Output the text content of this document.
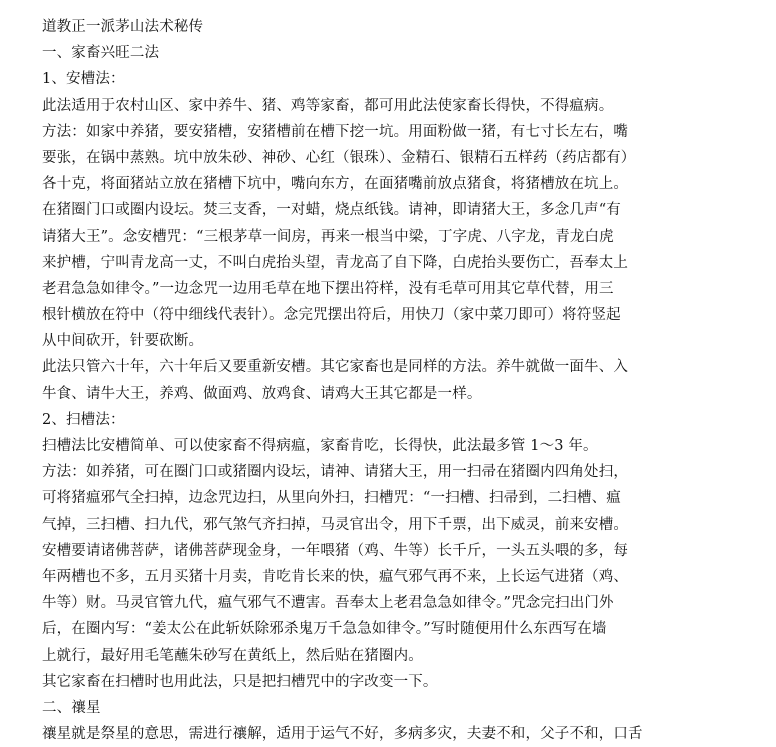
道教正一派茅山法术秘传
一、家畜兴旺二法
1、安槽法：
此法适用于农村山区、家中养牛、猪、鸡等家畜，都可用此法使家畜长得快，不得瘟病。
方法：如家中养猪，要安猪槽，安猪槽前在槽下挖一坑。用面粉做一猪，有七寸长左右，嘴
要张，在锅中蒸熟。坑中放朱砂、神砂、心红（银珠）、金精石、银精石五样药（药店都有）
各十克，将面猪站立放在猪槽下坑中，嘴向东方，在面猪嘴前放点猪食，将猪槽放在坑上。
在猪圈门口或圈内设坛。焚三支香，一对蜡，烧点纸钱。请神，即请猪大王，多念几声“有
请猪大王”。念安槽咒：“三根茅草一间房，再来一根当中梁，丁字虎、八字龙，青龙白虎
来护槽，宁叫青龙高一丈，不叫白虎抬头望，青龙高了自下降，白虎抬头要伤亡，吾奉太上
老君急急如律令。”一边念咒一边用毛草在地下摆出符样，没有毛草可用其它草代替，用三
根针横放在符中（符中细线代表针）。念完咒摆出符后，用快刀（家中菜刀即可）将符竖起
从中间砍开，针要砍断。
此法只管六十年，六十年后又要重新安槽。其它家畜也是同样的方法。养牛就做一面牛、入
牛食、请牛大王，养鸡、做面鸡、放鸡食、请鸡大王其它都是一样。
2、扫槽法：
扫槽法比安槽简单、可以使家畜不得病瘟，家畜肯吃，长得快，此法最多管 1～3 年。
方法：如养猪，可在圈门口或猪圈内设坛，请神、请猪大王，用一扫帚在猪圈内四角处扫，
可将猪瘟邪气全扫掉，边念咒边扫，从里向外扫，扫槽咒：“一扫槽、扫帚到，二扫槽、瘟
气掉，三扫槽、扫九代，邪气煞气齐扫掉，马灵官出令，用下千票，出下威灵，前来安槽。
安槽要请诸佛菩萨，诸佛菩萨现金身，一年喂猪（鸡、牛等）长千斤，一头五头喂的多，每
年两槽也不多，五月买猪十月卖，肯吃肯长来的快，瘟气邪气再不来，上长运气进猪（鸡、
牛等）财。马灵官管九代，瘟气邪气不遭害。吾奉太上老君急急如律令。”咒念完扫出门外
后，在圈内写：“姜太公在此斩妖除邪杀鬼万千急急如律令。”写时随便用什么东西写在墙
上就行，最好用毛笔蘸朱砂写在黄纸上，然后贴在猪圈内。
其它家畜在扫槽时也用此法，只是把扫槽咒中的字改变一下。
二、禳星
禳星就是祭星的意思，需进行禳解，适用于运气不好，多病多灾，夫妻不和，父子不和，口舌
